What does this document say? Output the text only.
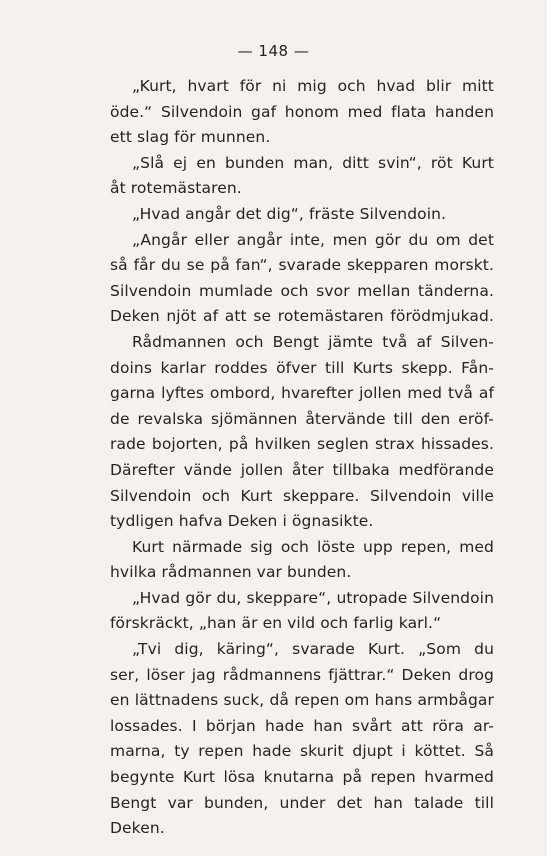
— 148 —
„Kurt, hvart för ni mig och hvad blir mitt
öde.“ Silvendoin gaf honom med flata handen
ett slag för munnen.
„Slå ej en bunden man, ditt svin“, röt Kurt
åt rotemästaren.
„Hvad angår det dig“, fräste Silvendoin.
„Angår eller angår inte, men gör du om det
så får du se på fan“, svarade skepparen morskt.
Silvendoin mumlade och svor mellan tänderna.
Deken njöt af att se rotemästaren förödmjukad.
Rådmannen och Bengt jämte två af Silven-
doins karlar roddes öfver till Kurts skepp. Fån-
garna lyftes ombord, hvarefter jollen med två af
de revalska sjömännen återvände till den eröf-
rade bojorten, på hvilken seglen strax hissades.
Därefter vände jollen åter tillbaka medförande
Silvendoin och Kurt skeppare. Silvendoin ville
tydligen hafva Deken i ögnasikte.
Kurt närmade sig och löste upp repen, med
hvilka rådmannen var bunden.
„Hvad gör du, skeppare“, utropade Silvendoin
förskräckt, „han är en vild och farlig karl.“
„Tvi dig, käring“, svarade Kurt. „Som du
ser, löser jag rådmannens fjättrar.“ Deken drog
en lättnadens suck, då repen om hans armbågar
lossades. I början hade han svårt att röra ar-
marna, ty repen hade skurit djupt i köttet. Så
begynte Kurt lösa knutarna på repen hvarmed
Bengt var bunden, under det han talade till
Deken.
